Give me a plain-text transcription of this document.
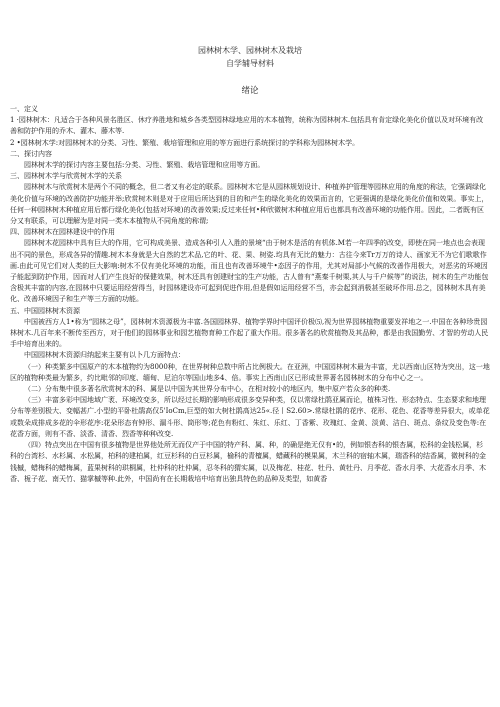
园林树木学、园林树木及栽培

自学辅导材料

绪论

一、定义

1 ·园林树木：凡适合于各种风景名胜区、休疗养胜地和城乡各类型园林绿地应用的木本植物，统称为园林树木.包括具有肯定绿化美化价值以及对环境有改善和防护作用的乔木、灌木、藤木等.

2 •园林树木学:对园林树木的分类、习性、繁殖、栽培管理和应用的等方面进行系统探讨的学科称为园林树木学。

二、探讨内容

园林树木学的探讨内容主要包括:分类、习性、繁殖、栽培管理和应用等方面。

三、园林树木学与欣赏树木学的关系

园林树木与欣赏树木是两个不同的概念，但二者又有必定的联系。园林树木它是从园林规划设计、种植养护管理等园林应用的角度的称法，它强调绿化美化价值与环境的改善防护功能并举;欣赏树木则是对于应用后所达到的目的和产生的绿化美化的效果而言的，它更强调的是绿化美化价值和效果。事实上，任何一种园林树木种植应用后都行绿化美化(包括对环境)的改善效果;反过来任何•种欣微树木种植应用后也都具有改善环境的功能作用。因此，二者既有区分又有联系，可以理解为是对同一类木本植物从不同角度的称谓;

四、园林树木在园林建设中的作用

园林树木花园林中具有巨大的作用，它可构成美景、造成各种引人入胜的景境“由于树木是活的有机体.M若一年四季的改变，即使在同一地点也会表现出不同的景色，形成各异的情趣.树木本身就是大自然的艺术品,它的叶、花、果、树姿.均具有无比的魅力：古往今来Tr万万的诗人、画家无不为它们歌歌作画.由此可见它们对人类的巨大影响:树木不仅有美化环境的功能，而且也有改善环境牛•态因子的作用，尤其对局部小气候的改善作用极大，对恶劣的环境因子能起到防护作用，因而对人们产生良好的保健效果，树木还具有创建财宝的生产功能，古人曾有“燕秦千树栗,其人与千户候等”的说法，树木的生产功能包含极其丰富的内容,在园林中只要运用经营得当，时园林建设亦可起到促进作用,但是假如运用经营不当，亦会起到消极甚至破坏作用.总之，园林树木具有美化、改善环境因子和生产等三方面的功能。

五、中国园林树木资源

中国被西方人1•称为“园林之母”，园林树木资源极为丰富.各国园林界、植物学界时中国评价极⑸,视为世界园林植物重要发祥地之一.中国在各种珍贵园林树木.几百年来不断传至西方，对于他们的园林事业和园艺植物育种工作起了重大作用。很多著名的欣赏植物及其品种，都是由我国勤劳、才智的劳动人民手中培育出来的。

中国园林树木资源归纳起来主要有以卜几方面特点：

（一）种类繁多中国原产的木本植物约为8000种，在世界树种总数中所占比例极大。在亚洲，中国园林树木最为丰富，尤以西南山区特为突出，这一地区的植物种类最为繁多，约比毗邻的印度、缅甸、尼泊尔等国山地多4、倍。事实上西南山区已形成世界著名园林树木的分布中心之一。

（二）分布集中很多著名欣赏树木的科、属是以中国为其世界分布中心，在相对较小的地区内，集中原产若众多的种类.

（三）丰富多彩中国地域广袤、环境改变多，所以经过长期的影响形成很多变异种类，仅以常绿杜鹃亚属而论，植株习性、形态特点、生态要求和地理分布等差别极大、变幅甚广.小型的平卧杜鹃高仅5'IoCm,巨型的如大树杜鹃高达25«.径丨S2.60>.常绿杜鹃的花序、花形、花色、花香等差异很大，或单花或数朵成排成多花的伞形花序:花朵形态有钟形、漏斗形、筒形等;花色有粉红、朱红、乐红、丁香紫、玫瑰红、金黄、淡黄、洁白、斑点、条纹及变色等:在花香方面，则有不香、淡香、清香、烈香等种种改变.

（四）特点突出在中国有很多植物是世界他处所无而仅产于中国的特产科、属、种，的确是绝无仅有•的，例如银杏科的银杏属，松科的金钱松属，杉科的台湾杉、水杉属、水松属，柏科的建柏属，红豆杉科的白豆杉属，榆科的青檀属，蜡藏科的模果属，木兰科的宿轴木属，瑞香科的结香属，微树科的金钱槭，蜡梅科的蜡梅属，蓝果树科的珙桐属，杜仲科的杜仲属，忍冬科的猬实属，以及梅花、桂花、牡丹、黄牡丹、月季花、香水月季、大花香水月季、木香、栀子花、南天竹、猫掌槭等种.此外，中国尚有在长期栽培中培育出独具特色的品种及类型，如黄香
